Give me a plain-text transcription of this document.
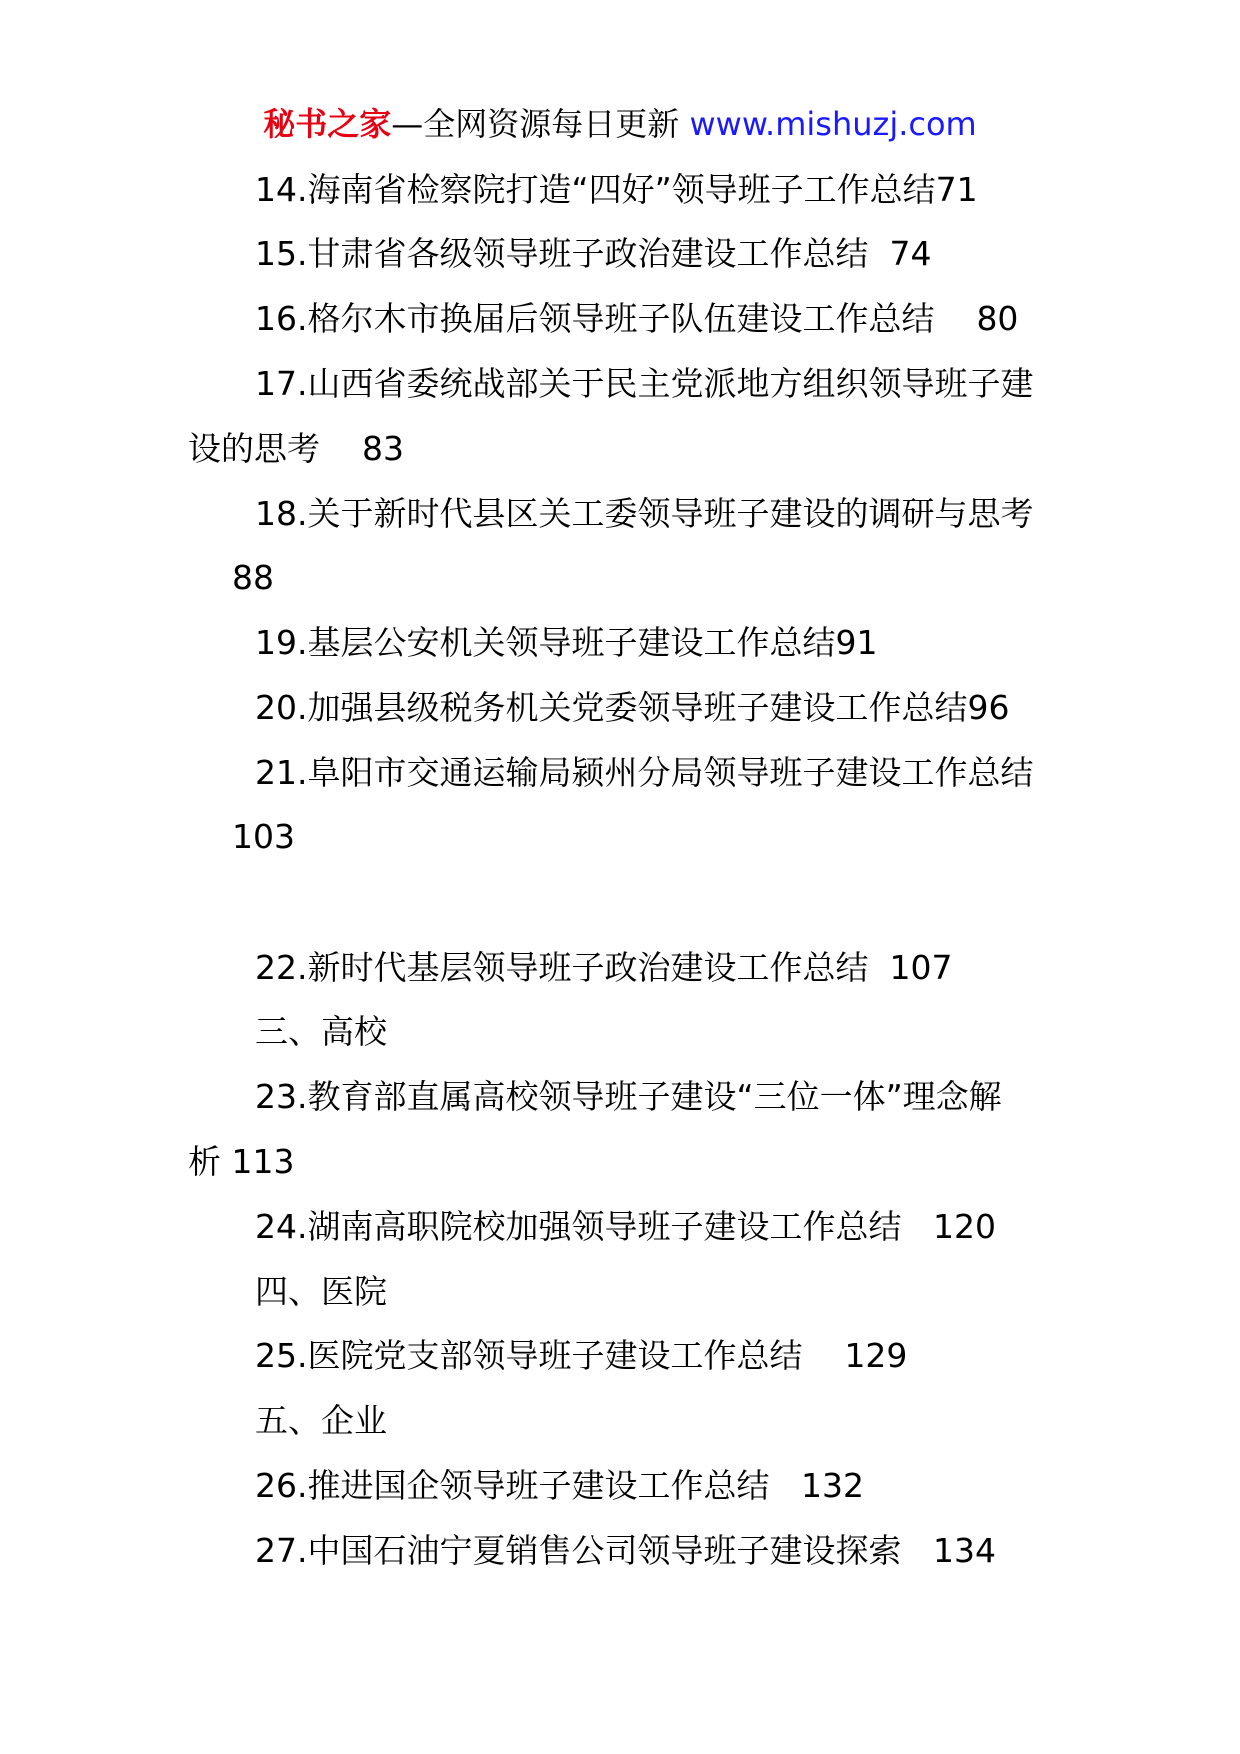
秘书之家—全网资源每日更新 www.mishuzj.com
14.海南省检察院打造“四好”领导班子工作总结71
15.甘肃省各级领导班子政治建设工作总结  74
16.格尔木市换届后领导班子队伍建设工作总结    80
17.山西省委统战部关于民主党派地方组织领导班子建
设的思考    83
18.关于新时代县区关工委领导班子建设的调研与思考
88
19.基层公安机关领导班子建设工作总结91
20.加强县级税务机关党委领导班子建设工作总结96
21.阜阳市交通运输局颍州分局领导班子建设工作总结
103
22.新时代基层领导班子政治建设工作总结  107
三、高校
23.教育部直属高校领导班子建设“三位一体”理念解
析 113
24.湖南高职院校加强领导班子建设工作总结   120
四、医院
25.医院党支部领导班子建设工作总结    129
五、企业
26.推进国企领导班子建设工作总结   132
27.中国石油宁夏销售公司领导班子建设探索   134
